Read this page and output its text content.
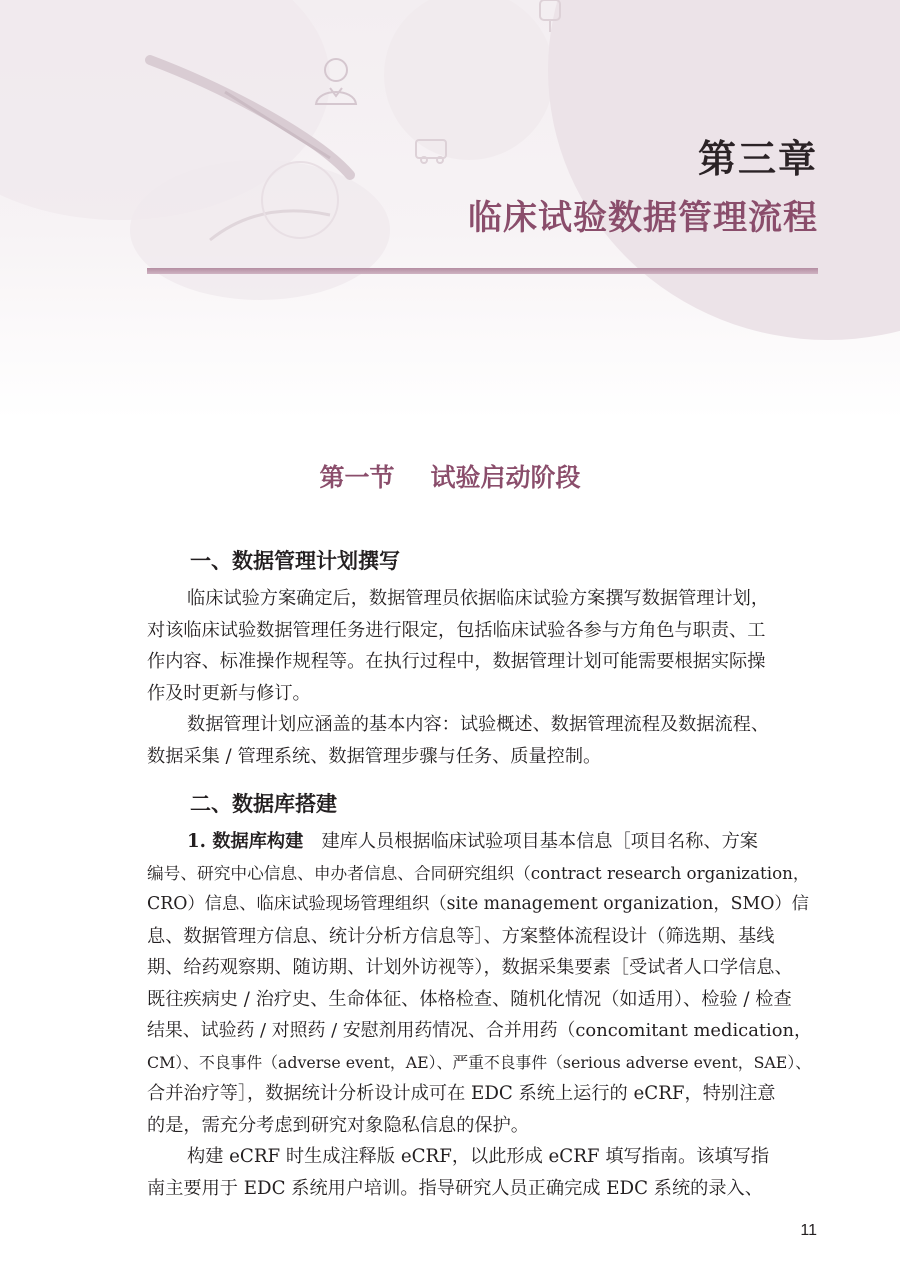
第三章
临床试验数据管理流程
第一节 试验启动阶段
一、数据管理计划撰写
临床试验方案确定后，数据管理员依据临床试验方案撰写数据管理计划，
对该临床试验数据管理任务进行限定，包括临床试验各参与方角色与职责、工
作内容、标准操作规程等。在执行过程中，数据管理计划可能需要根据实际操
作及时更新与修订。
数据管理计划应涵盖的基本内容：试验概述、数据管理流程及数据流程、
数据采集 / 管理系统、数据管理步骤与任务、质量控制。
二、数据库搭建
1. 数据库构建　 建库人员根据临床试验项目基本信息［项目名称、方案
编号、研究中心信息、申办者信息、合同研究组织（contract research organization，
CRO）信息、临床试验现场管理组织（site management organization，SMO）信
息、数据管理方信息、统计分析方信息等］、方案整体流程设计（筛选期、基线
期、给药观察期、随访期、计划外访视等），数据采集要素［受试者人口学信息、
既往疾病史 / 治疗史、生命体征、体格检查、随机化情况（如适用）、检验 / 检查
结果、试验药 / 对照药 / 安慰剂用药情况、合并用药（concomitant medication，
CM）、不良事件（adverse event，AE）、严重不良事件（serious adverse event，SAE）、
合并治疗等］，数据统计分析设计成可在 EDC 系统上运行的 eCRF，特别注意
的是，需充分考虑到研究对象隐私信息的保护。
构建 eCRF 时生成注释版 eCRF，以此形成 eCRF 填写指南。该填写指
南主要用于 EDC 系统用户培训。指导研究人员正确完成 EDC 系统的录入、

11
